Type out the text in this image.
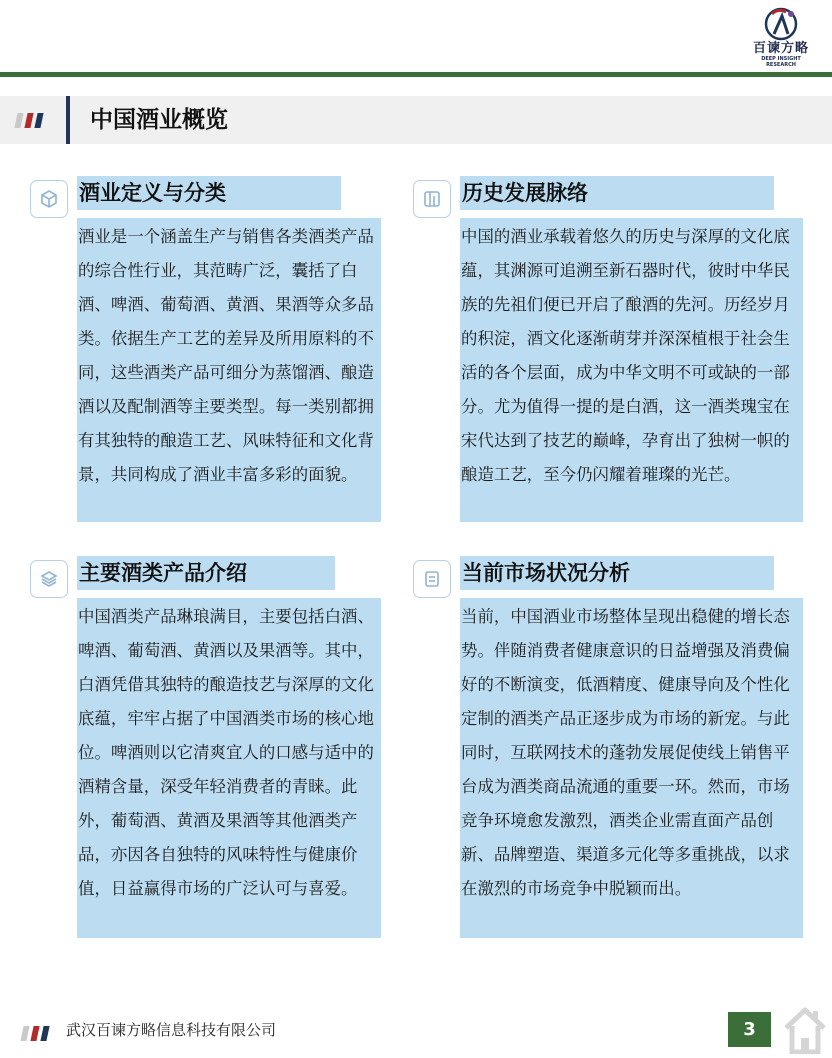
百谏方略
DEEP INSIGHT RESEARCH
中国酒业概览
酒业定义与分类
酒业是一个涵盖生产与销售各类酒类产品的综合性行业，其范畴广泛，囊括了白酒、啤酒、葡萄酒、黄酒、果酒等众多品类。依据生产工艺的差异及所用原料的不同，这些酒类产品可细分为蒸馏酒、酿造酒以及配制酒等主要类型。每一类别都拥有其独特的酿造工艺、风味特征和文化背景，共同构成了酒业丰富多彩的面貌。
历史发展脉络
中国的酒业承载着悠久的历史与深厚的文化底蕴，其渊源可追溯至新石器时代，彼时中华民族的先祖们便已开启了酿酒的先河。历经岁月的积淀，酒文化逐渐萌芽并深深植根于社会生活的各个层面，成为中华文明不可或缺的一部分。尤为值得一提的是白酒，这一酒类瑰宝在宋代达到了技艺的巅峰，孕育出了独树一帜的酿造工艺，至今仍闪耀着璀璨的光芒。
主要酒类产品介绍
中国酒类产品琳琅满目，主要包括白酒、啤酒、葡萄酒、黄酒以及果酒等。其中，白酒凭借其独特的酿造技艺与深厚的文化底蕴，牢牢占据了中国酒类市场的核心地位。啤酒则以它清爽宜人的口感与适中的酒精含量，深受年轻消费者的青睐。此外，葡萄酒、黄酒及果酒等其他酒类产品，亦因各自独特的风味特性与健康价值，日益赢得市场的广泛认可与喜爱。
当前市场状况分析
当前，中国酒业市场整体呈现出稳健的增长态势。伴随消费者健康意识的日益增强及消费偏好的不断演变，低酒精度、健康导向及个性化定制的酒类产品正逐步成为市场的新宠。与此同时，互联网技术的蓬勃发展促使线上销售平台成为酒类商品流通的重要一环。然而，市场竞争环境愈发激烈，酒类企业需直面产品创新、品牌塑造、渠道多元化等多重挑战，以求在激烈的市场竞争中脱颖而出。
武汉百谏方略信息科技有限公司	3
